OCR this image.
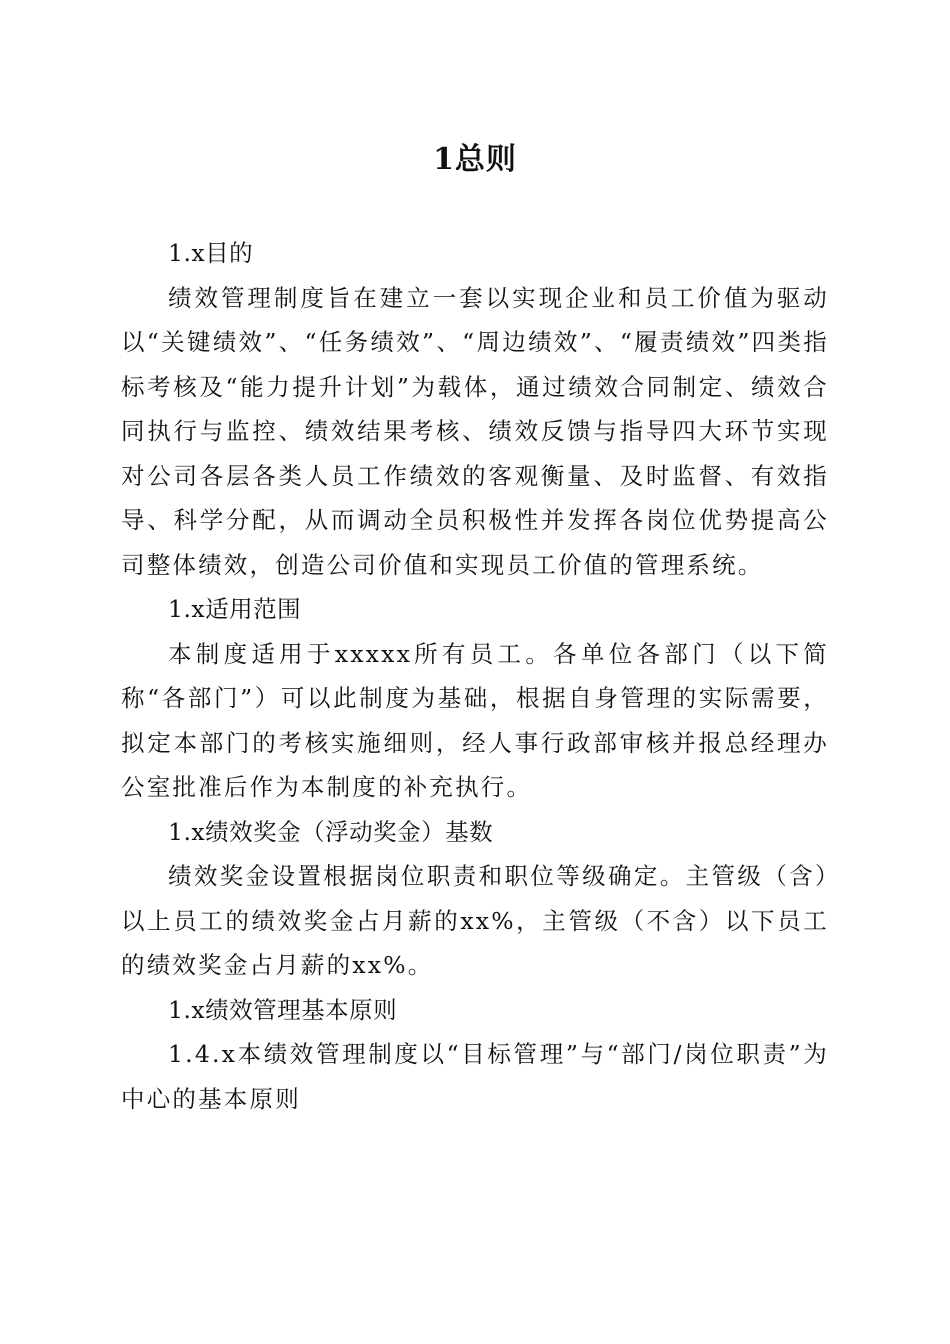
1总则

1.x目的

绩效管理制度旨在建立一套以实现企业和员工价值为驱动以“关键绩效”、“任务绩效”、“周边绩效”、“履责绩效”四类指标考核及“能力提升计划”为载体，通过绩效合同制定、绩效合同执行与监控、绩效结果考核、绩效反馈与指导四大环节实现对公司各层各类人员工作绩效的客观衡量、及时监督、有效指导、科学分配，从而调动全员积极性并发挥各岗位优势提高公司整体绩效，创造公司价值和实现员工价值的管理系统。

1.x适用范围

本制度适用于xxxxx所有员工。各单位各部门（以下简称“各部门”）可以此制度为基础，根据自身管理的实际需要，拟定本部门的考核实施细则，经人事行政部审核并报总经理办公室批准后作为本制度的补充执行。

1.x绩效奖金（浮动奖金）基数

绩效奖金设置根据岗位职责和职位等级确定。主管级（含）以上员工的绩效奖金占月薪的xx%，主管级（不含）以下员工的绩效奖金占月薪的xx%。

1.x绩效管理基本原则

1.4.x本绩效管理制度以“目标管理”与“部门/岗位职责”为中心的基本原则
